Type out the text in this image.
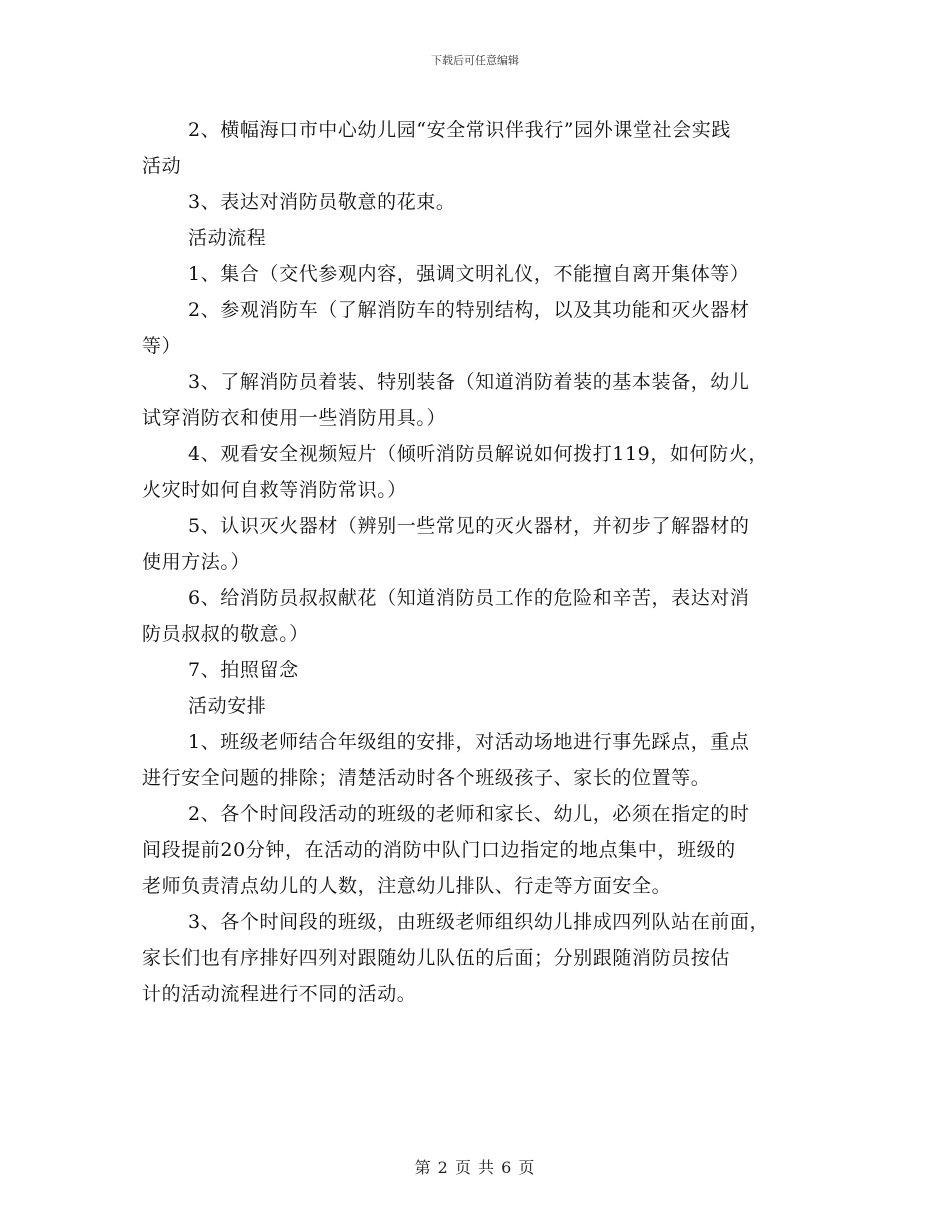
下载后可任意编辑
2、横幅海口市中心幼儿园“安全常识伴我行”园外课堂社会实践
活动
3、表达对消防员敬意的花束。
活动流程
1、集合（交代参观内容，强调文明礼仪，不能擅自离开集体等）
2、参观消防车（了解消防车的特别结构，以及其功能和灭火器材
等）
3、了解消防员着装、特别装备（知道消防着装的基本装备，幼儿
试穿消防衣和使用一些消防用具。）
4、观看安全视频短片（倾听消防员解说如何拨打119，如何防火，
火灾时如何自救等消防常识。）
5、认识灭火器材（辨别一些常见的灭火器材，并初步了解器材的
使用方法。）
6、给消防员叔叔献花（知道消防员工作的危险和辛苦，表达对消
防员叔叔的敬意。）
7、拍照留念
活动安排
1、班级老师结合年级组的安排，对活动场地进行事先踩点，重点
进行安全问题的排除；清楚活动时各个班级孩子、家长的位置等。
2、各个时间段活动的班级的老师和家长、幼儿，必须在指定的时
间段提前20分钟，在活动的消防中队门口边指定的地点集中，班级的
老师负责清点幼儿的人数，注意幼儿排队、行走等方面安全。
3、各个时间段的班级，由班级老师组织幼儿排成四列队站在前面，
家长们也有序排好四列对跟随幼儿队伍的后面；分别跟随消防员按估
计的活动流程进行不同的活动。
第 2 页 共 6 页
